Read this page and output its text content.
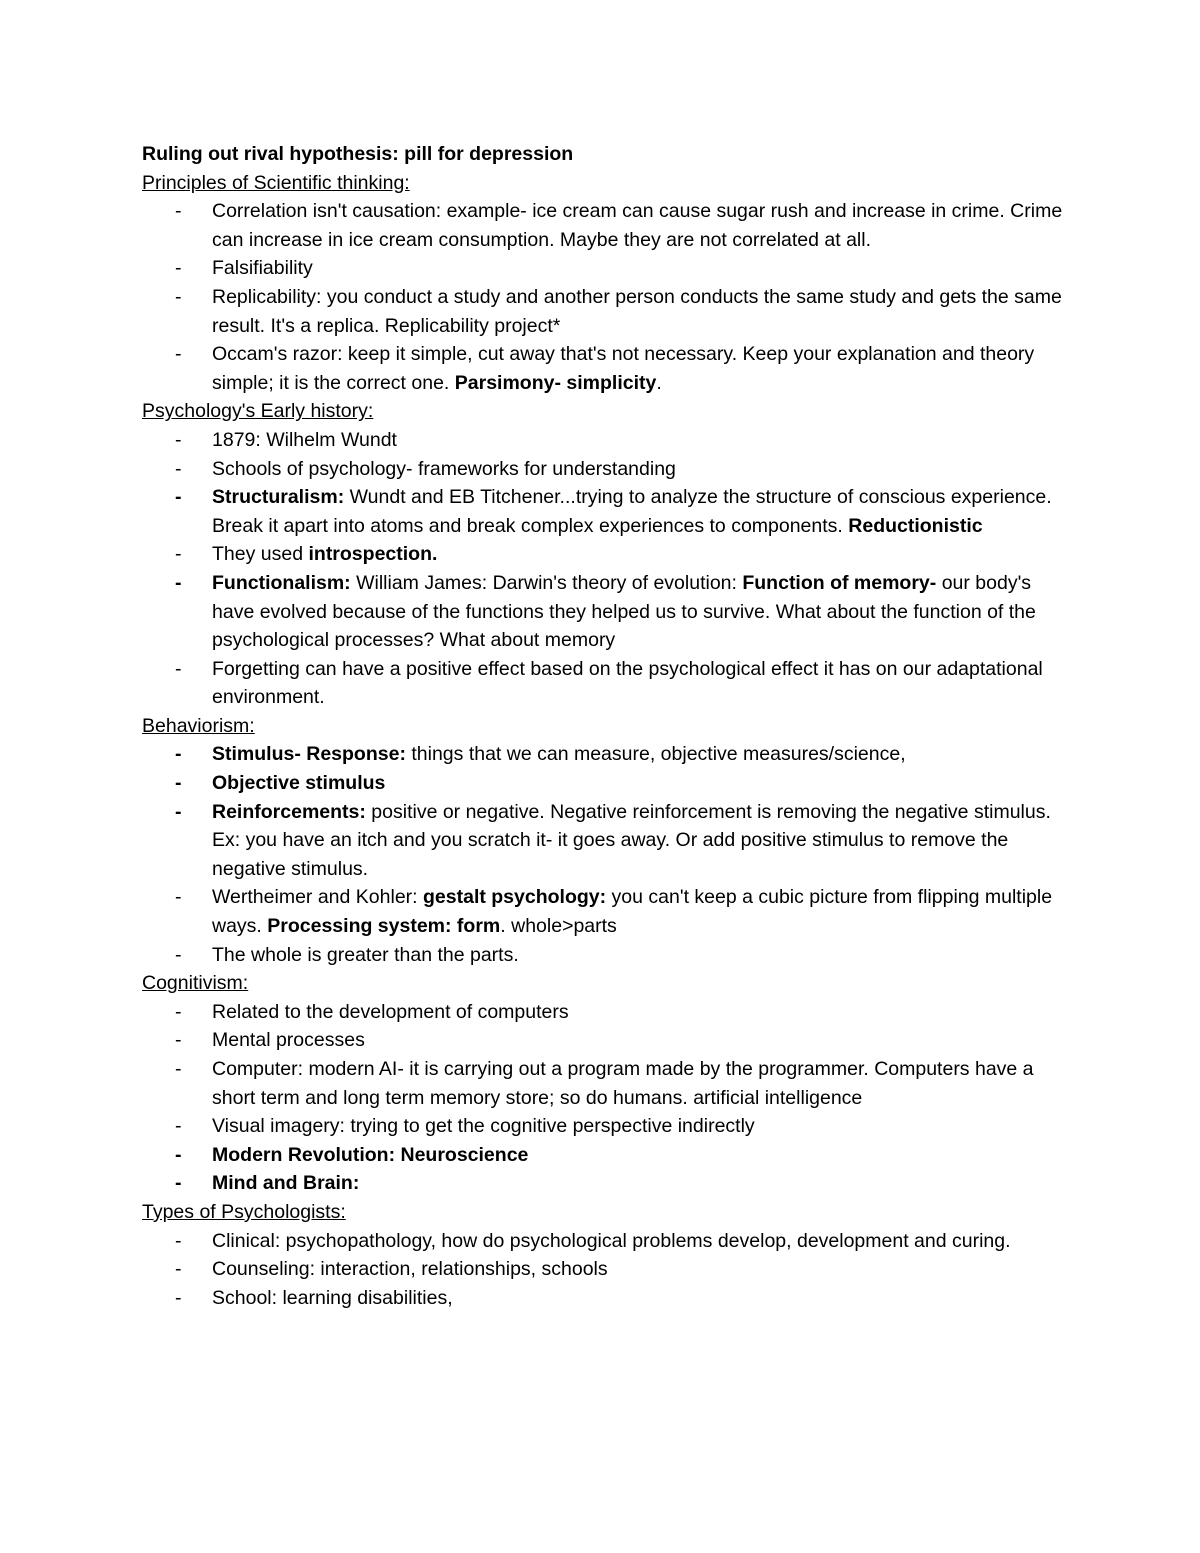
Ruling out rival hypothesis: pill for depression

Principles of Scientific thinking:

- Correlation isn't causation: example- ice cream can cause sugar rush and increase in crime. Crime can increase in ice cream consumption. Maybe they are not correlated at all.
- Falsifiability
- Replicability: you conduct a study and another person conducts the same study and gets the same result. It's a replica. Replicability project*
- Occam's razor: keep it simple, cut away that's not necessary. Keep your explanation and theory simple; it is the correct one. Parsimony- simplicity.

Psychology's Early history:

- 1879: Wilhelm Wundt
- Schools of psychology- frameworks for understanding
- Structuralism: Wundt and EB Titchener...trying to analyze the structure of conscious experience. Break it apart into atoms and break complex experiences to components. Reductionistic
- They used introspection.
- Functionalism: William James: Darwin's theory of evolution: Function of memory- our body's have evolved because of the functions they helped us to survive. What about the function of the psychological processes? What about memory
- Forgetting can have a positive effect based on the psychological effect it has on our adaptational environment.

Behaviorism:

- Stimulus- Response: things that we can measure, objective measures/science,
- Objective stimulus
- Reinforcements: positive or negative. Negative reinforcement is removing the negative stimulus. Ex: you have an itch and you scratch it- it goes away. Or add positive stimulus to remove the negative stimulus.
- Wertheimer and Kohler: gestalt psychology: you can't keep a cubic picture from flipping multiple ways. Processing system: form. whole>parts
- The whole is greater than the parts.

Cognitivism:

- Related to the development of computers
- Mental processes
- Computer: modern AI- it is carrying out a program made by the programmer. Computers have a short term and long term memory store; so do humans. artificial intelligence
- Visual imagery: trying to get the cognitive perspective indirectly
- Modern Revolution: Neuroscience
- Mind and Brain:

Types of Psychologists:

- Clinical: psychopathology, how do psychological problems develop, development and curing.
- Counseling: interaction, relationships, schools
- School: learning disabilities,
